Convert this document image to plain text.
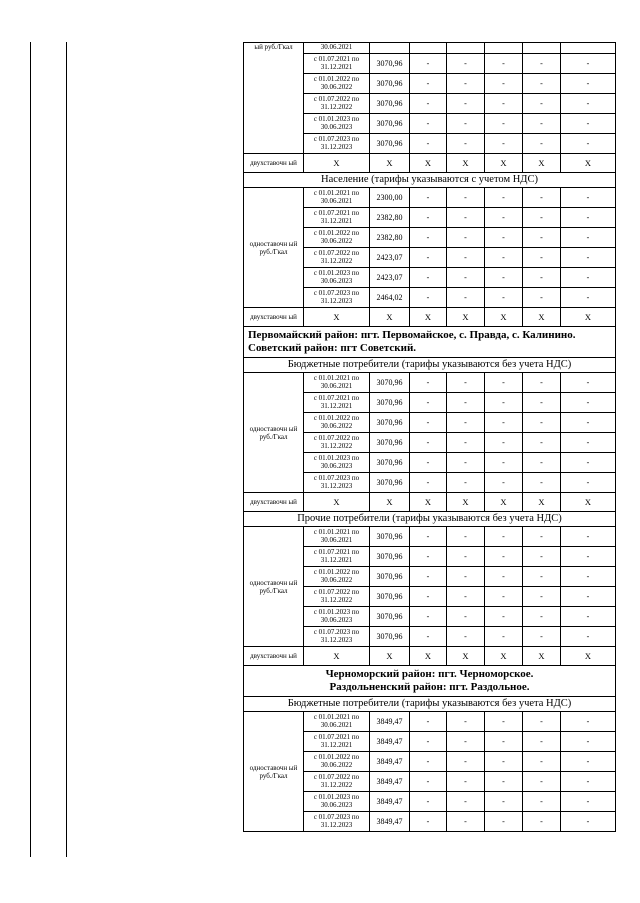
ый руб./Гкал	30.06.2021						
	с 01.07.2021 по 31.12.2021	3070,96	-	-	-	-	-
	с 01.01.2022 по 30.06.2022	3070,96	-	-	-	-	-
	с 01.07.2022 по 31.12.2022	3070,96	-	-	-	-	-
	с 01.01.2023 по 30.06.2023	3070,96	-	-	-	-	-
	с 01.07.2023 по 31.12.2023	3070,96	-	-	-	-	-
двухставочн ый	X	X	X	X	X	X	X
Население (тарифы указываются с учетом НДС)							
одноставочн ый руб./Гкал	с 01.01.2021 по 30.06.2021	2300,00	-	-	-	-	-
	с 01.07.2021 по 31.12.2021	2382,80	-	-	-	-	-
	с 01.01.2022 по 30.06.2022	2382,80	-	-	-	-	-
	с 01.07.2022 по 31.12.2022	2423,07	-	-	-	-	-
	с 01.01.2023 по 30.06.2023	2423,07	-	-	-	-	-
	с 01.07.2023 по 31.12.2023	2464,02	-	-	-	-	-
двухставочн ый	X	X	X	X	X	X	X

Первомайский район: пгт. Первомайское, с. Правда, с. Калинино.
Советский район: пгт Советский.							

Бюджетные потребители (тарифы указываются без учета НДС)							
одноставочн ый руб./Гкал	с 01.01.2021 по 30.06.2021	3070,96	-	-	-	-	-
	с 01.07.2021 по 31.12.2021	3070,96	-	-	-	-	-
	с 01.01.2022 по 30.06.2022	3070,96	-	-	-	-	-
	с 01.07.2022 по 31.12.2022	3070,96	-	-	-	-	-
	с 01.01.2023 по 30.06.2023	3070,96	-	-	-	-	-
	с 01.07.2023 по 31.12.2023	3070,96	-	-	-	-	-
двухставочн ый	X	X	X	X	X	X	X
Прочие потребители (тарифы указываются без учета НДС)							
одноставочн ый руб./Гкал	с 01.01.2021 по 30.06.2021	3070,96	-	-	-	-	-
	с 01.07.2021 по 31.12.2021	3070,96	-	-	-	-	-
	с 01.01.2022 по 30.06.2022	3070,96	-	-	-	-	-
	с 01.07.2022 по 31.12.2022	3070,96	-	-	-	-	-
	с 01.01.2023 по 30.06.2023	3070,96	-	-	-	-	-
	с 01.07.2023 по 31.12.2023	3070,96	-	-	-	-	-
двухставочн ый	X	X	X	X	X	X	X

Черноморский район: пгт. Черноморское.
Раздольненский район: пгт. Раздольное.							

Бюджетные потребители (тарифы указываются без учета НДС)							
одноставочн ый руб./Гкал	с 01.01.2021 по 30.06.2021	3849,47	-	-	-	-	-
	с 01.07.2021 по 31.12.2021	3849,47	-	-	-	-	-
	с 01.01.2022 по 30.06.2022	3849,47	-	-	-	-	-
	с 01.07.2022 по 31.12.2022	3849,47	-	-	-	-	-
	с 01.01.2023 по 30.06.2023	3849,47	-	-	-	-	-
	с 01.07.2023 по 31.12.2023	3849,47	-	-	-	-	-
